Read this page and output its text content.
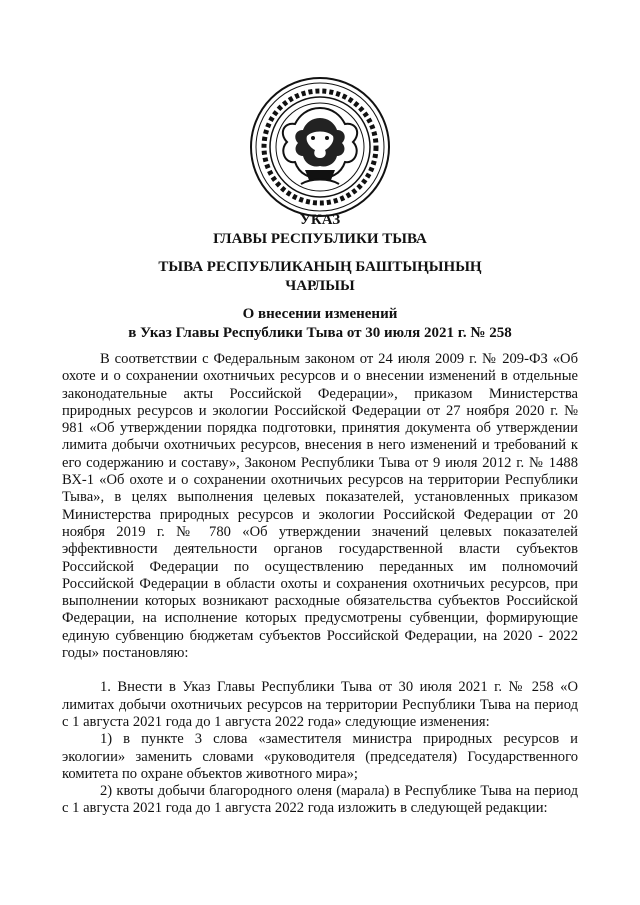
УКАЗ
ГЛАВЫ РЕСПУБЛИКИ ТЫВА
ТЫВА РЕСПУБЛИКАНЫҢ БАШТЫҢЫНЫҢ
ЧАРЛЫЫ
О внесении изменений
в Указ Главы Республики Тыва от 30 июля 2021 г. № 258

В соответствии с Федеральным законом от 24 июля 2009 г. № 209-ФЗ «Об охоте и о сохранении охотничьих ресурсов и о внесении изменений в отдельные законодательные акты Российской Федерации», приказом Министерства природных ресурсов и экологии Российской Федерации от 27 ноября 2020 г. № 981 «Об утверждении порядка подготовки, принятия документа об утверждении лимита добычи охотничьих ресурсов, внесения в него изменений и требований к его содержанию и составу», Законом Республики Тыва от 9 июля 2012 г. № 1488 ВХ-1 «Об охоте и о сохранении охотничьих ресурсов на территории Республики Тыва», в целях выполнения целевых показателей, установленных приказом Министерства природных ресурсов и экологии Российской Федерации от 20 ноября 2019 г. № 780 «Об утверждении значений целевых показателей эффективности деятельности органов государственной власти субъектов Российской Федерации по осуществлению переданных им полномочий Российской Федерации в области охоты и сохранения охотничьих ресурсов, при выполнении которых возникают расходные обязательства субъектов Российской Федерации, на исполнение которых предусмотрены субвенции, формирующие единую субвенцию бюджетам субъектов Российской Федерации, на 2020 - 2022 годы» постановляю:

1. Внести в Указ Главы Республики Тыва от 30 июля 2021 г. № 258 «О лимитах добычи охотничьих ресурсов на территории Республики Тыва на период с 1 августа 2021 года до 1 августа 2022 года» следующие изменения:

1) в пункте 3 слова «заместителя министра природных ресурсов и экологии» заменить словами «руководителя (председателя) Государственного комитета по охране объектов животного мира»;

2) квоты добычи благородного оленя (марала) в Республике Тыва на период с 1 августа 2021 года до 1 августа 2022 года изложить в следующей редакции:
